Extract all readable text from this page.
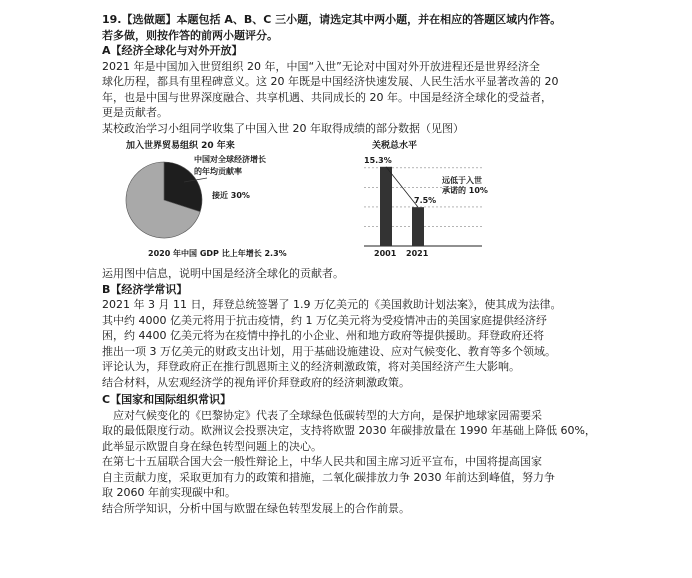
19.【选做题】本题包括 A、B、C 三小题，请选定其中两小题，并在相应的答题区域内作答。
若多做，则按作答的前两小题评分。
A【经济全球化与对外开放】
2021 年是中国加入世贸组织 20 年，中国“入世”无论对中国对外开放进程还是世界经济全
球化历程，都具有里程碑意义。这 20 年既是中国经济快速发展、人民生活水平显著改善的 20
年，也是中国与世界深度融合、共享机遇、共同成长的 20 年。中国是经济全球化的受益者，
更是贡献者。
某校政治学习小组同学收集了中国入世 20 年取得成绩的部分数据（见图）
加入世界贸易组织 20 年来
中国对全球经济增长
的年均贡献率
接近 30%
2020 年中国 GDP 比上年增长 2.3%
关税总水平
远低于入世
承诺的 10%
15.3%
2001
7.5%
2021
运用图中信息，说明中国是经济全球化的贡献者。
B【经济学常识】
2021 年 3 月 11 日，拜登总统签署了 1.9 万亿美元的《美国救助计划法案》，使其成为法律。
其中约 4000 亿美元将用于抗击疫情，约 1 万亿美元将为受疫情冲击的美国家庭提供经济纾
困，约 4400 亿美元将为在疫情中挣扎的小企业、州和地方政府等提供援助。拜登政府还将
推出一项 3 万亿美元的财政支出计划，用于基础设施建设、应对气候变化、教育等多个领域。
评论认为，拜登政府正在推行凯恩斯主义的经济刺激政策，将对美国经济产生大影响。
结合材料，从宏观经济学的视角评价拜登政府的经济刺激政策。
C【国家和国际组织常识】
　应对气候变化的《巴黎协定》代表了全球绿色低碳转型的大方向，是保护地球家园需要采
取的最低限度行动。欧洲议会投票决定，支持将欧盟 2030 年碳排放量在 1990 年基础上降低 60%，
此举显示欧盟自身在绿色转型问题上的决心。
在第七十五届联合国大会一般性辩论上，中华人民共和国主席习近平宣布，中国将提高国家
自主贡献力度，采取更加有力的政策和措施，二氧化碳排放力争 2030 年前达到峰值，努力争
取 2060 年前实现碳中和。
结合所学知识，分析中国与欧盟在绿色转型发展上的合作前景。
